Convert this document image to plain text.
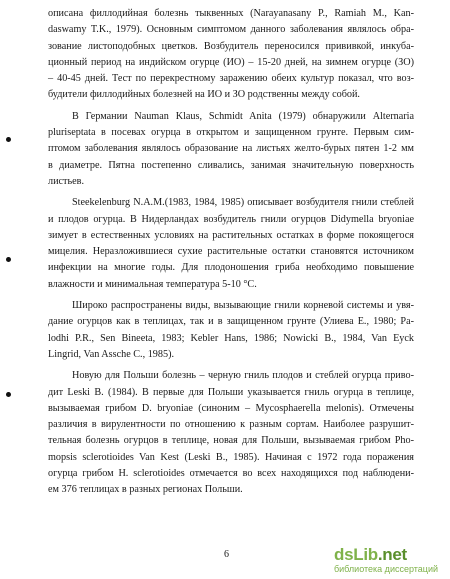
описана филлодийная болезнь тыквенных (Narayanasany P., Ramiah M., Kan-
daswamy T.K., 1979). Основным симптомом данного заболевания являлось обра-
зование листоподобных цветков. Возбудитель переносился прививкой, инкуба-
ционный период на индийском огурце (ИО) – 15-20 дней, на зимнем огурце (ЗО)
– 40-45 дней. Тест по перекрестному заражению обеих культур показал, что воз-
будители филлодийных болезней на ИО и ЗО родственны между собой.

В Германии Nauman Klaus, Schmidt Anita (1979) обнаружили Alternaria
pluriseptata в посевах огурца в открытом и защищенном грунте. Первым сим-
птомом заболевания являлось образование на листьях желто-бурых пятен 1-2 мм
в диаметре. Пятна постепенно сливались, занимая значительную поверхность
листьев.

Steekelenburg N.A.M.(1983, 1984, 1985) описывает возбудителя гнили стеблей
и плодов огурца. В Нидерландах возбудитель гнили огурцов Didymella bryoniae
зимует в естественных условиях на растительных остатках в форме покоящегося
мицелия. Неразложившиеся сухие растительные остатки становятся источником
инфекции на многие годы. Для плодоношения гриба необходимо повышение
влажности и минимальная температура 5-10 °С.

Широко распространены виды, вызывающие гнили корневой системы и увя-
дание огурцов как в теплицах, так и в защищенном грунте (Улиева Е., 1980; Pa-
lodhi P.R., Sen Bineeta, 1983; Kebler Hans, 1986; Nowicki B., 1984, Van Eyck
Lingrid, Van Assche C., 1985).

Новую для Польши болезнь – черную гниль плодов и стеблей огурца приво-
дит Leski B. (1984). В первые для Польши указывается гниль огурца в теплице,
вызываемая грибом D. bryoniae (синоним – Mycosphaerella melonis). Отмечены
различия в вирулентности по отношению к разным сортам. Наиболее разрушит-
тельная болезнь огурцов в теплице, новая для Польши, вызываемая грибом Pho-
mopsis sclerotioides Van Kest (Leski B., 1985). Начиная с 1972 года поражения
огурца грибом H. sclerotioides отмечается во всех находящихся под наблюдени-
ем 376 теплицах в разных регионах Польши.

6	dsLib.net
библиотека диссертаций
